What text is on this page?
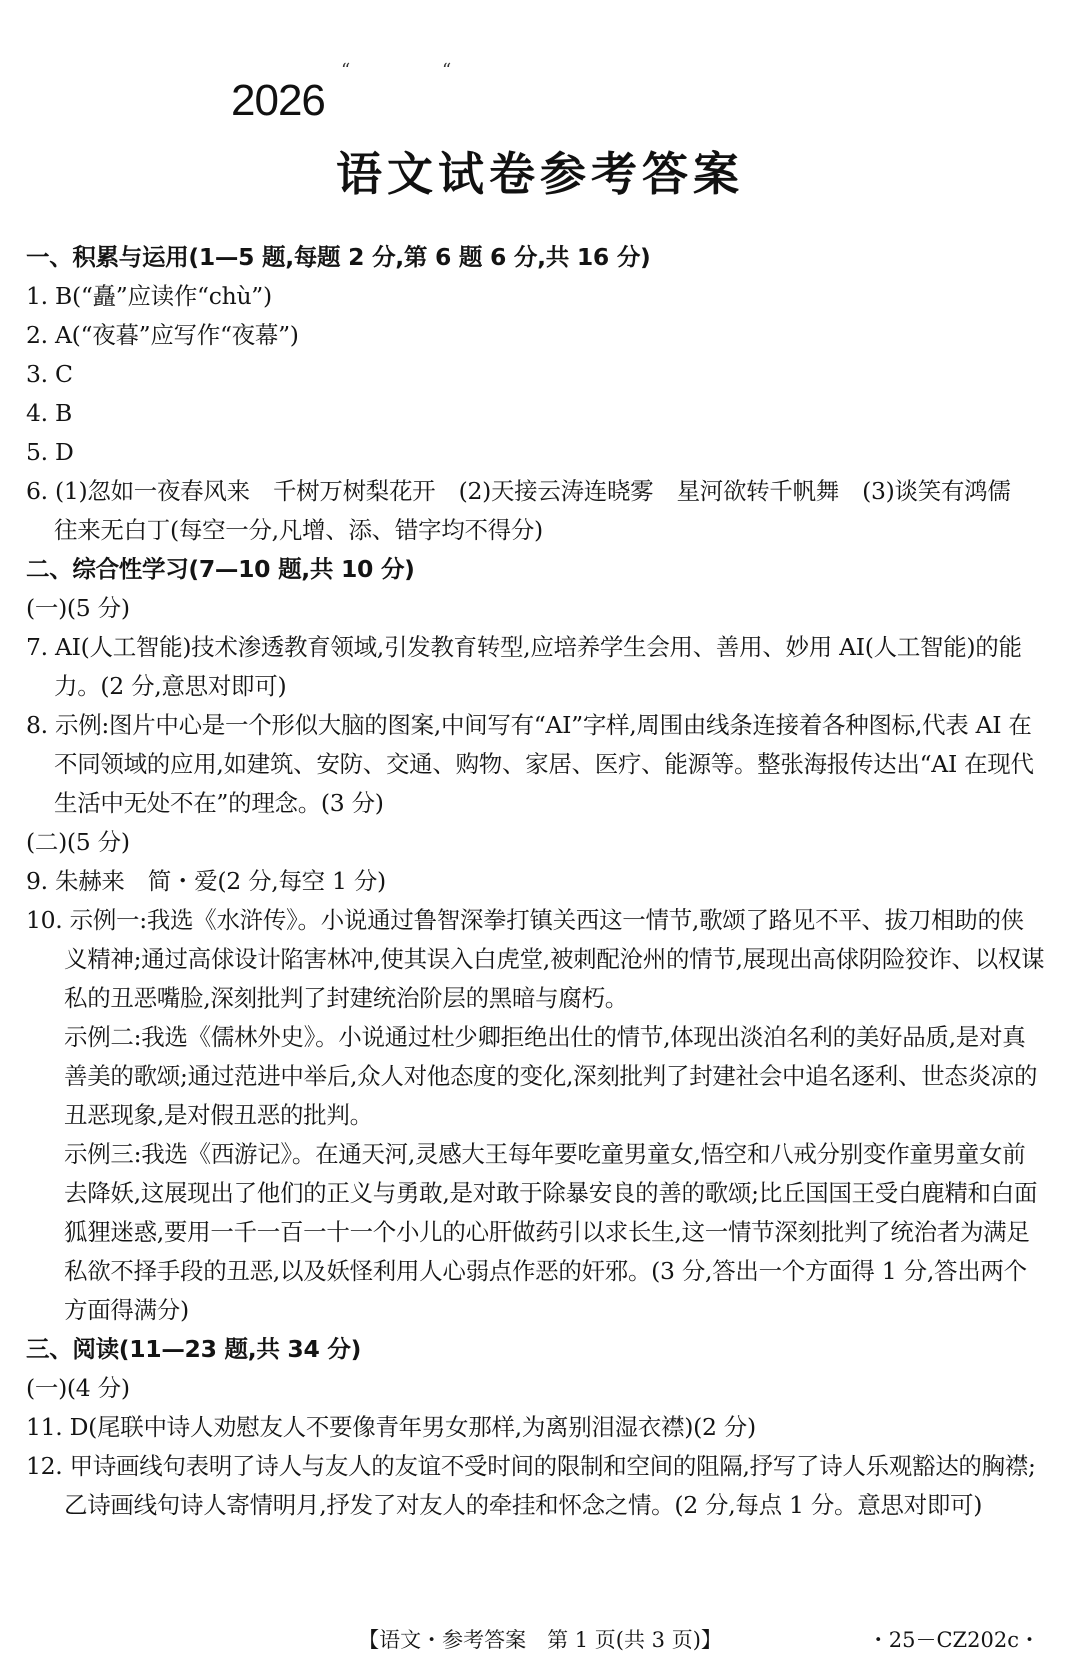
2026
“	“
语文试卷参考答案
一、积累与运用(1—5 题,每题 2 分,第 6 题 6 分,共 16 分)
1. B(“矗”应读作“chù”)
2. A(“夜暮”应写作“夜幕”)
3. C
4. B
5. D
6. (1)忽如一夜春风来　千树万树梨花开　(2)天接云涛连晓雾　星河欲转千帆舞　(3)谈笑有鸿儒　往来无白丁(每空一分,凡增、添、错字均不得分)
二、综合性学习(7—10 题,共 10 分)
(一)(5 分)
7. AI(人工智能)技术渗透教育领域,引发教育转型,应培养学生会用、善用、妙用 AI(人工智能)的能力。(2 分,意思对即可)
8. 示例:图片中心是一个形似大脑的图案,中间写有“AI”字样,周围由线条连接着各种图标,代表 AI 在不同领域的应用,如建筑、安防、交通、购物、家居、医疗、能源等。整张海报传达出“AI 在现代生活中无处不在”的理念。(3 分)
(二)(5 分)
9. 朱赫来　简・爱(2 分,每空 1 分)
10. 示例一:我选《水浒传》。小说通过鲁智深拳打镇关西这一情节,歌颂了路见不平、拔刀相助的侠义精神;通过高俅设计陷害林冲,使其误入白虎堂,被刺配沧州的情节,展现出高俅阴险狡诈、以权谋私的丑恶嘴脸,深刻批判了封建统治阶层的黑暗与腐朽。
示例二:我选《儒林外史》。小说通过杜少卿拒绝出仕的情节,体现出淡泊名利的美好品质,是对真善美的歌颂;通过范进中举后,众人对他态度的变化,深刻批判了封建社会中追名逐利、世态炎凉的丑恶现象,是对假丑恶的批判。
示例三:我选《西游记》。在通天河,灵感大王每年要吃童男童女,悟空和八戒分别变作童男童女前去降妖,这展现出了他们的正义与勇敢,是对敢于除暴安良的善的歌颂;比丘国国王受白鹿精和白面狐狸迷惑,要用一千一百一十一个小儿的心肝做药引以求长生,这一情节深刻批判了统治者为满足私欲不择手段的丑恶,以及妖怪利用人心弱点作恶的奸邪。(3 分,答出一个方面得 1 分,答出两个方面得满分)
三、阅读(11—23 题,共 34 分)
(一)(4 分)
11. D(尾联中诗人劝慰友人不要像青年男女那样,为离别泪湿衣襟)(2 分)
12. 甲诗画线句表明了诗人与友人的友谊不受时间的限制和空间的阻隔,抒写了诗人乐观豁达的胸襟;乙诗画线句诗人寄情明月,抒发了对友人的牵挂和怀念之情。(2 分,每点 1 分。意思对即可)
【语文・参考答案　第 1 页(共 3 页)】	・25－CZ202c・
